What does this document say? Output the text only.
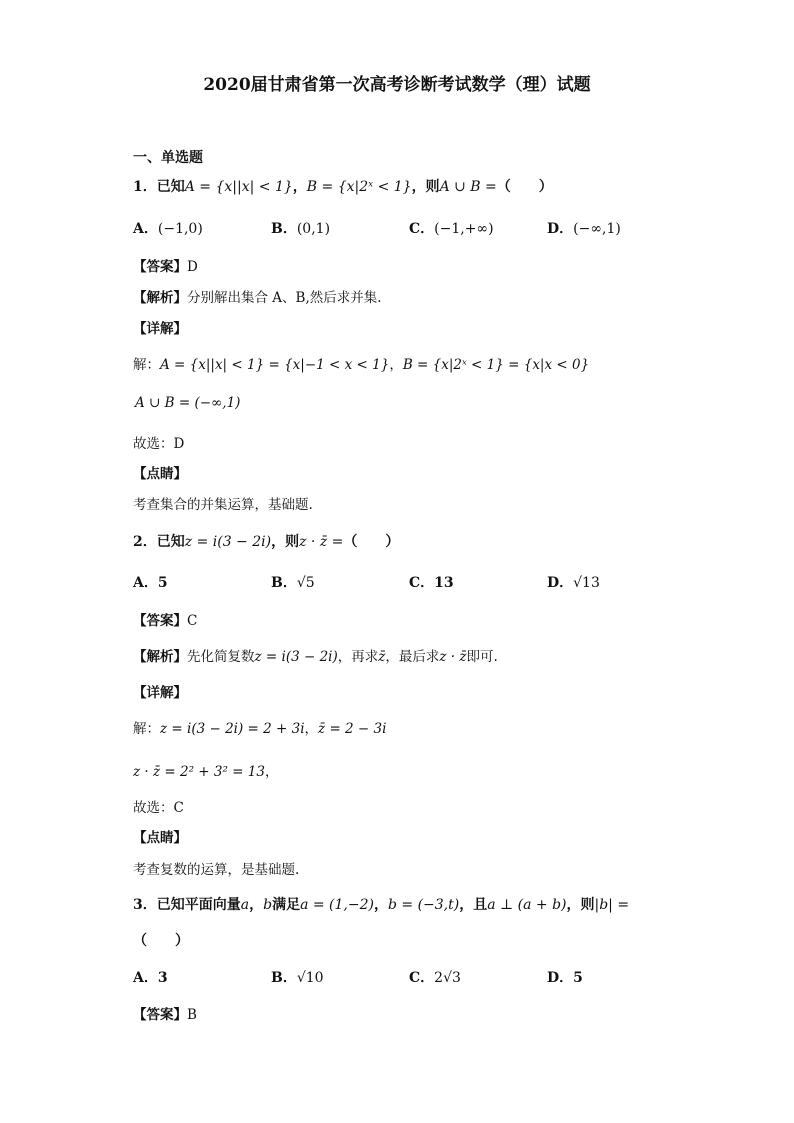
2020届甘肃省第一次高考诊断考试数学（理）试题
一、单选题
1．已知A = {x||x| < 1}，B = {x|2ˣ < 1}，则A ∪ B =（　　）
A．(−1,0)	B．(0,1)	C．(−1,+∞)	D．(−∞,1)
【答案】D
【解析】分别解出集合 A、B,然后求并集.
【详解】
解：A = {x||x| < 1} = {x|−1 < x < 1}，B = {x|2ˣ < 1} = {x|x < 0}
A ∪ B = (−∞,1)
故选：D
【点睛】
考查集合的并集运算，基础题.
2．已知z = i(3 − 2i)，则z · z̄ =（　　）
A．5	B．√5	C．13	D．√13
【答案】C
【解析】先化简复数z = i(3 − 2i)，再求z̄，最后求z · z̄即可.
【详解】
解：z = i(3 − 2i) = 2 + 3i，z̄ = 2 − 3i
z · z̄ = 2² + 3² = 13，
故选：C
【点睛】
考查复数的运算，是基础题.
3．已知平面向量a，b满足a = (1,−2)，b = (−3,t)，且a ⊥ (a + b)，则|b| =
（　　）
A．3	B．√10	C．2√3	D．5
【答案】B
